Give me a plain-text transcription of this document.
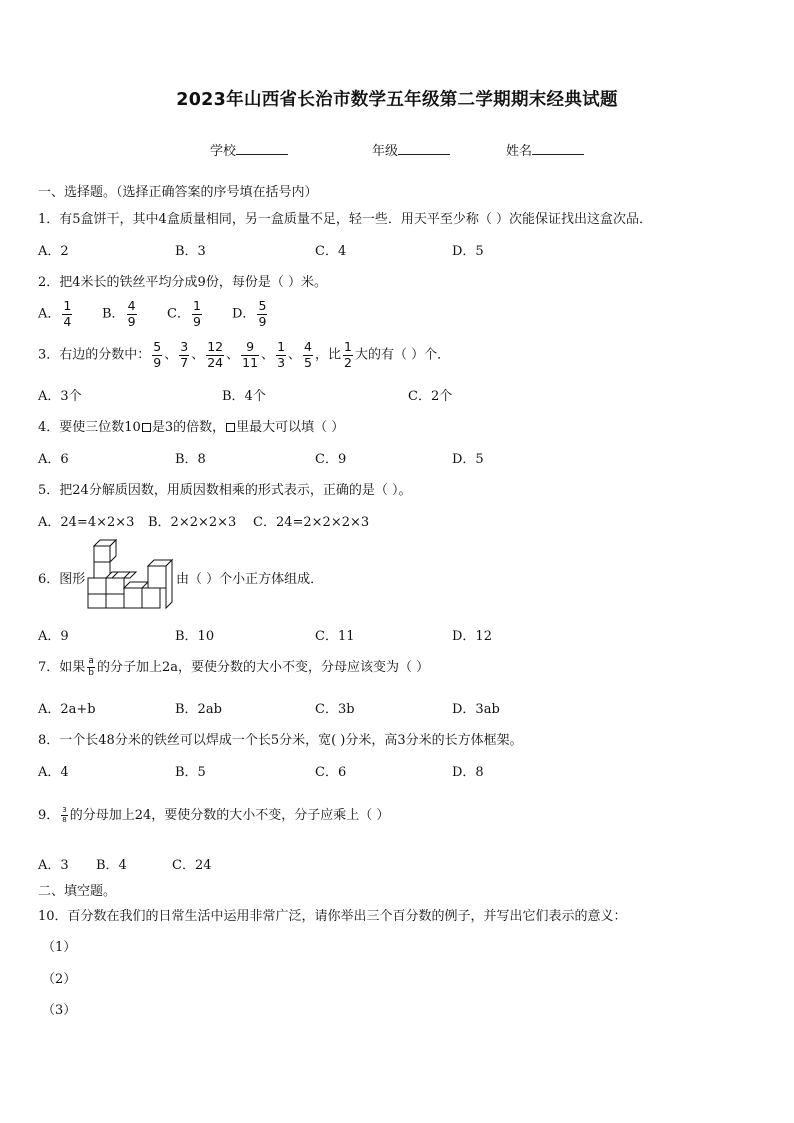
2023年山西省长治市数学五年级第二学期期末经典试题
学校	年级	姓名
一、选择题。（选择正确答案的序号填在括号内）
1．有5盒饼干，其中4盒质量相同，另一盒质量不足，轻一些．用天平至少称（ ）次能保证找出这盒次品．
A．2	B．3	C．4	D．5
2．把4米长的铁丝平均分成9份，每份是（ ）米。
A． $\frac{1}{4}$ B． $\frac{4}{9}$ C． $\frac{1}{9}$ D． $\frac{5}{9}$
3．右边的分数中： $\frac{5}{9}$ 、 $\frac{3}{7}$ 、 $\frac{12}{24}$ 、 $\frac{9}{11}$ 、 $\frac{1}{3}$ 、 $\frac{4}{5}$ ，比 $\frac{1}{2}$ 大的有（ ）个．
A．3个	B．4个	C．2个
4．要使三位数10 是3的倍数， 里最大可以填（ ）
A．6	B．8	C．9	D．5
5．把24分解质因数，用质因数相乘的形式表示，正确的是（ ）。
A．24=4×2×3 B．2×2×2×3 C．24=2×2×2×3
6．图形	由（ ）个小正方体组成．
A．9	B．10	C．11	D．12
7．如果 $\frac{a}{b}$ 的分子加上2a，要使分数的大小不变，分母应该变为（ ）
A．2a+b	B．2ab	C．3b	D．3ab
8．一个长48分米的铁丝可以焊成一个长5分米，宽( )分米，高3分米的长方体框架。
A．4	B．5	C．6	D．8
9． $\frac{3}{8}$ 的分母加上24，要使分数的大小不变，分子应乘上（ ）
A．3 B．4	C．24
二、填空题。
10．百分数在我们的日常生活中运用非常广泛，请你举出三个百分数的例子，并写出它们表示的意义：
（1）
（2）
（3）
